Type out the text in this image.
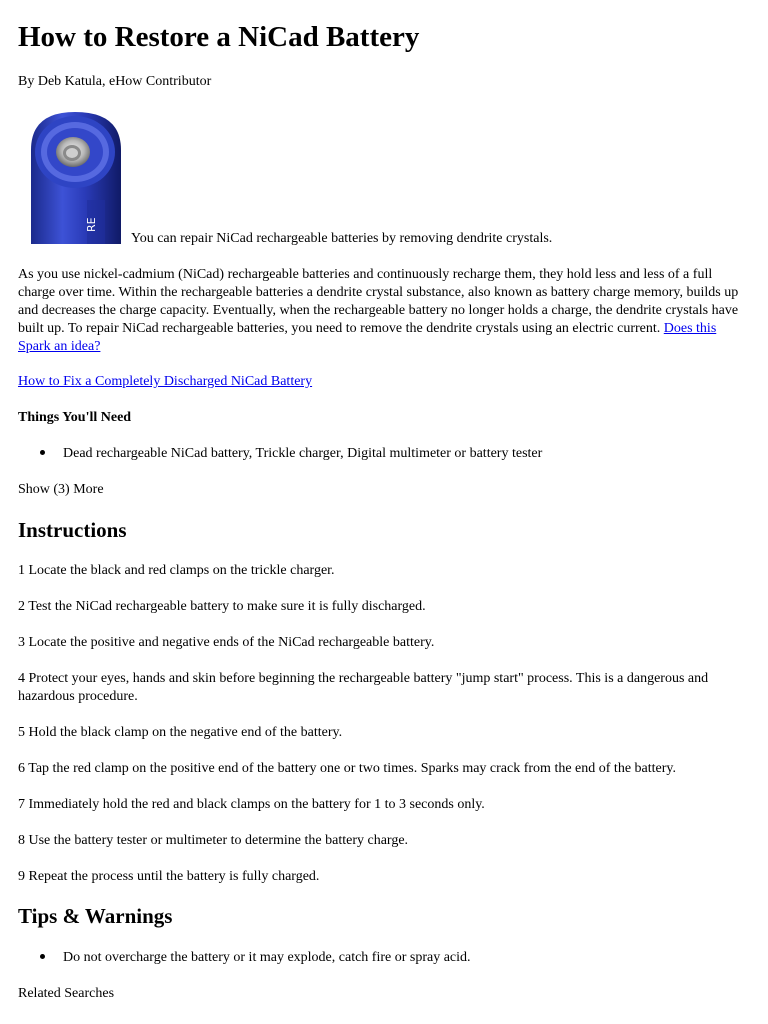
How to Restore a NiCad Battery
By Deb Katula, eHow Contributor
RE
You can repair NiCad rechargeable batteries by removing dendrite crystals.
As you use nickel-cadmium (NiCad) rechargeable batteries and continuously recharge them, they hold less and less of a full charge over time. Within the rechargeable batteries a dendrite crystal substance, also known as battery charge memory, builds up and decreases the charge capacity. Eventually, when the rechargeable battery no longer holds a charge, the dendrite crystals have built up. To repair NiCad rechargeable batteries, you need to remove the dendrite crystals using an electric current. Does this Spark an idea?
How to Fix a Completely Discharged NiCad Battery
Things You'll Need
Dead rechargeable NiCad battery, Trickle charger, Digital multimeter or battery tester
Show (3) More
Instructions
1 Locate the black and red clamps on the trickle charger.
2 Test the NiCad rechargeable battery to make sure it is fully discharged.
3 Locate the positive and negative ends of the NiCad rechargeable battery.
4 Protect your eyes, hands and skin before beginning the rechargeable battery "jump start" process. This is a dangerous and hazardous procedure.
5 Hold the black clamp on the negative end of the battery.
6 Tap the red clamp on the positive end of the battery one or two times. Sparks may crack from the end of the battery.
7 Immediately hold the red and black clamps on the battery for 1 to 3 seconds only.
8 Use the battery tester or multimeter to determine the battery charge.
9 Repeat the process until the battery is fully charged.
Tips & Warnings
Do not overcharge the battery or it may explode, catch fire or spray acid.
Related Searches
